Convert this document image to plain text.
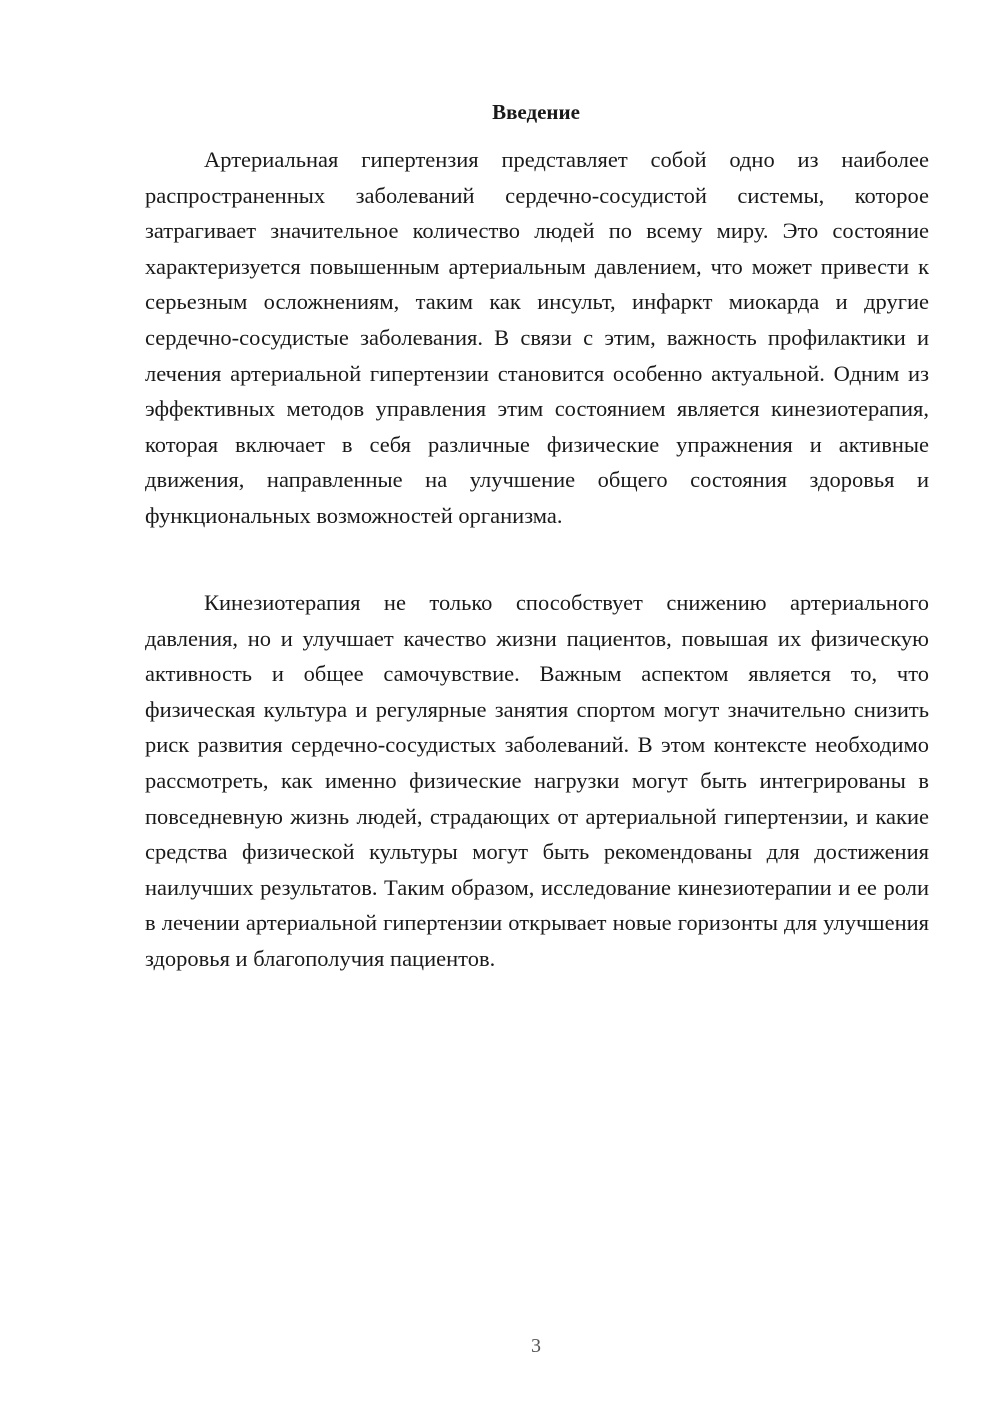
Введение

Артериальная гипертензия представляет собой одно из наиболее распространенных заболеваний сердечно-сосудистой системы, которое затрагивает значительное количество людей по всему миру. Это состояние характеризуется повышенным артериальным давлением, что может привести к серьезным осложнениям, таким как инсульт, инфаркт миокарда и другие сердечно-сосудистые заболевания. В связи с этим, важность профилактики и лечения артериальной гипертензии становится особенно актуальной. Одним из эффективных методов управления этим состоянием является кинезиотерапия, которая включает в себя различные физические упражнения и активные движения, направленные на улучшение общего состояния здоровья и функциональных возможностей организма.

Кинезиотерапия не только способствует снижению артериального давления, но и улучшает качество жизни пациентов, повышая их физическую активность и общее самочувствие. Важным аспектом является то, что физическая культура и регулярные занятия спортом могут значительно снизить риск развития сердечно-сосудистых заболеваний. В этом контексте необходимо рассмотреть, как именно физические нагрузки могут быть интегрированы в повседневную жизнь людей, страдающих от артериальной гипертензии, и какие средства физической культуры могут быть рекомендованы для достижения наилучших результатов. Таким образом, исследование кинезиотерапии и ее роли в лечении артериальной гипертензии открывает новые горизонты для улучшения здоровья и благополучия пациентов.

3
